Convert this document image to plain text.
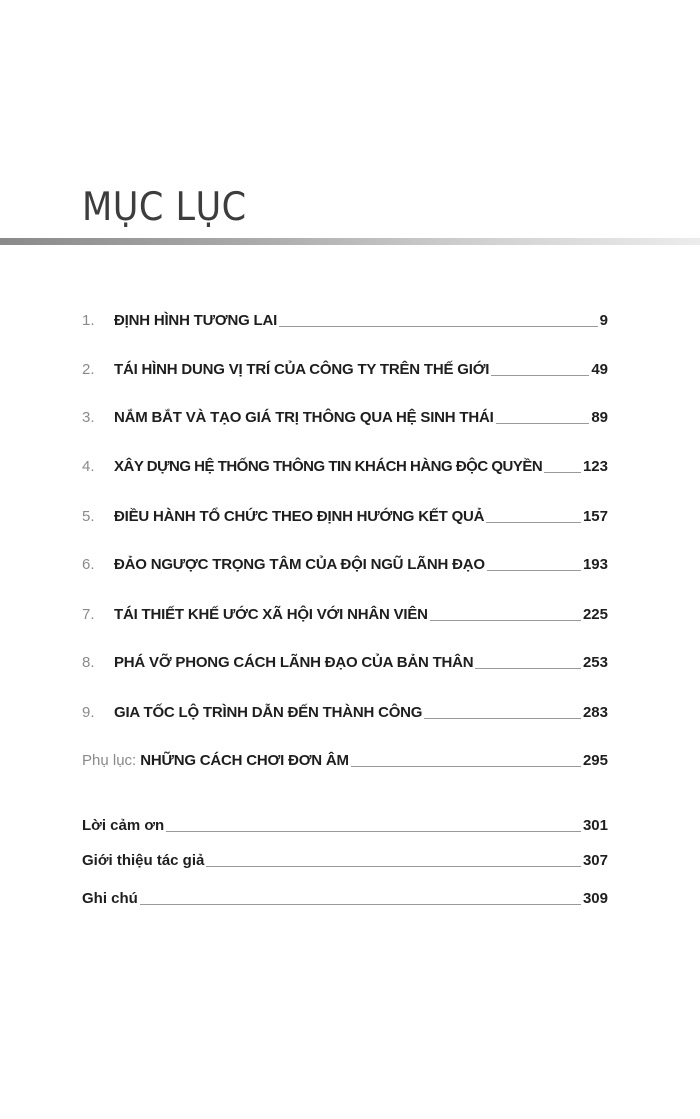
MỤC LỤC
1.	ĐỊNH HÌNH TƯƠNG LAI	9
2.	TÁI HÌNH DUNG VỊ TRÍ CỦA CÔNG TY TRÊN THẾ GIỚI	49
3.	NẮM BẮT VÀ TẠO GIÁ TRỊ THÔNG QUA HỆ SINH THÁI	89
4.	XÂY DỰNG HỆ THỐNG THÔNG TIN KHÁCH HÀNG ĐỘC QUYỀN	123
5.	ĐIỀU HÀNH TỔ CHỨC THEO ĐỊNH HƯỚNG KẾT QUẢ	157
6.	ĐẢO NGƯỢC TRỌNG TÂM CỦA ĐỘI NGŨ LÃNH ĐẠO	193
7.	TÁI THIẾT KHẾ ƯỚC XÃ HỘI VỚI NHÂN VIÊN	225
8.	PHÁ VỠ PHONG CÁCH LÃNH ĐẠO CỦA BẢN THÂN	253
9.	GIA TỐC LỘ TRÌNH DẪN ĐẾN THÀNH CÔNG	283
Phụ lục: NHỮNG CÁCH CHƠI ĐƠN ÂM	295
Lời cảm ơn	301
Giới thiệu tác giả	307
Ghi chú	309
